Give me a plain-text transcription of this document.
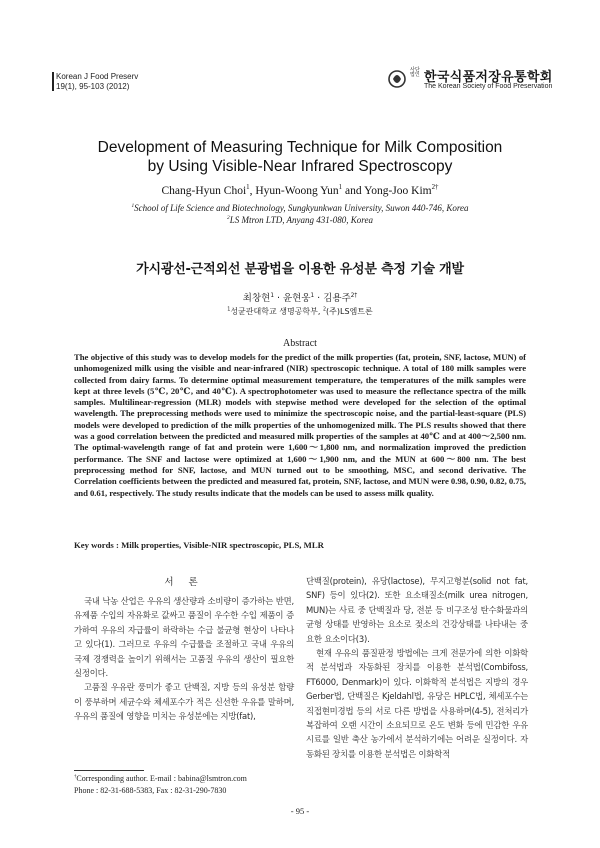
Korean J Food Preserv
19(1), 95-103 (2012)
사단법인 한국식품저장유통학회
The Korean Society of Food Preservation
Development of Measuring Technique for Milk Composition
by Using Visible-Near Infrared Spectroscopy
Chang-Hyun Choi$^1$, Hyun-Woong Yun$^1$ and Yong-Joo Kim$^{2\dagger}$
$^1$School of Life Science and Biotechnology, Sungkyunkwan University, Suwon 440-746, Korea
$^2$LS Mtron LTD, Anyang 431-080, Korea
가시광선-근적외선 분광법을 이용한 유성분 측정 기술 개발
최창현$^1$ · 윤현웅$^1$ · 김용주$^{2\dagger}$
$^1$성균관대학교 생명공학부, $^2$(주)LS엠트론
Abstract
The objective of this study was to develop models for the predict of the milk properties (fat, protein, SNF, lactose, MUN) of unhomogenized milk using the visible and near-infrared (NIR) spectroscopic technique. A total of 180 milk samples were collected from dairy farms. To determine optimal measurement temperature, the temperatures of the milk samples were kept at three levels (5℃, 20℃, and 40℃). A spectrophotometer was used to measure the reflectance spectra of the milk samples. Multilinear-regression (MLR) models with stepwise method were developed for the selection of the optimal wavelength. The preprocessing methods were used to minimize the spectroscopic noise, and the partial-least-square (PLS) models were developed to prediction of the milk properties of the unhomogenized milk. The PLS results showed that there was a good correlation between the predicted and measured milk properties of the samples at 40℃ and at 400～2,500 nm. The optimal-wavelength range of fat and protein were 1,600～1,800 nm, and normalization improved the prediction performance. The SNF and lactose were optimized at 1,600～1,900 nm, and the MUN at 600～800 nm. The best preprocessing method for SNF, lactose, and MUN turned out to be smoothing, MSC, and second derivative. The Correlation coefficients between the predicted and measured fat, protein, SNF, lactose, and MUN were 0.98, 0.90, 0.82, 0.75, and 0.61, respectively. The study results indicate that the models can be used to assess milk quality.
Key words : Milk properties, Visible-NIR spectroscopic, PLS, MLR
서 론

국내 낙농 산업은 우유의 생산량과 소비량이 증가하는 반면, 유제품 수입의 자유화로 값싸고 품질이 우수한 수입 제품이 증가하여 우유의 자급률이 하락하는 수급 불균형 현상이 나타나고 있다(1). 그러므로 우유의 수급률을 조절하고 국내 우유의 국제 경쟁력을 높이기 위해서는 고품질 우유의 생산이 필요한 실정이다.

고품질 우유란 풍미가 좋고 단백질, 지방 등의 유성분 함량이 풍부하며 세균수와 체세포수가 적은 신선한 우유를 말하며, 우유의 품질에 영향을 미치는 유성분에는 지방(fat),

단백질(protein), 유당(lactose), 무지고형분(solid not fat, SNF) 등이 있다(2). 또한 요소태질소(milk urea nitrogen, MUN)는 사료 중 단백질과 당, 전분 등 비구조성 탄수화물과의 균형 상태를 반영하는 요소로 젖소의 건강상태를 나타내는 중요한 요소이다(3).

현재 우유의 품질판정 방법에는 크게 전문가에 의한 이화학적 분석법과 자동화된 장치를 이용한 분석법(Combifoss, FT6000, Denmark)이 있다. 이화학적 분석법은 지방의 경우 Gerber법, 단백질은 Kjeldahl법, 유당은 HPLC법, 체세포수는 직접현미경법 등의 서로 다른 방법을 사용하며(4-5), 전처리가 복잡하여 오랜 시간이 소요되므로 온도 변화 등에 민감한 우유 시료를 일반 축산 농가에서 분석하기에는 어려운 실정이다. 자동화된 장치를 이용한 분석법은 이화학적

†Corresponding author. E-mail : babina@lsmtron.com
Phone : 82-31-688-5383, Fax : 82-31-290-7830
- 95 -
